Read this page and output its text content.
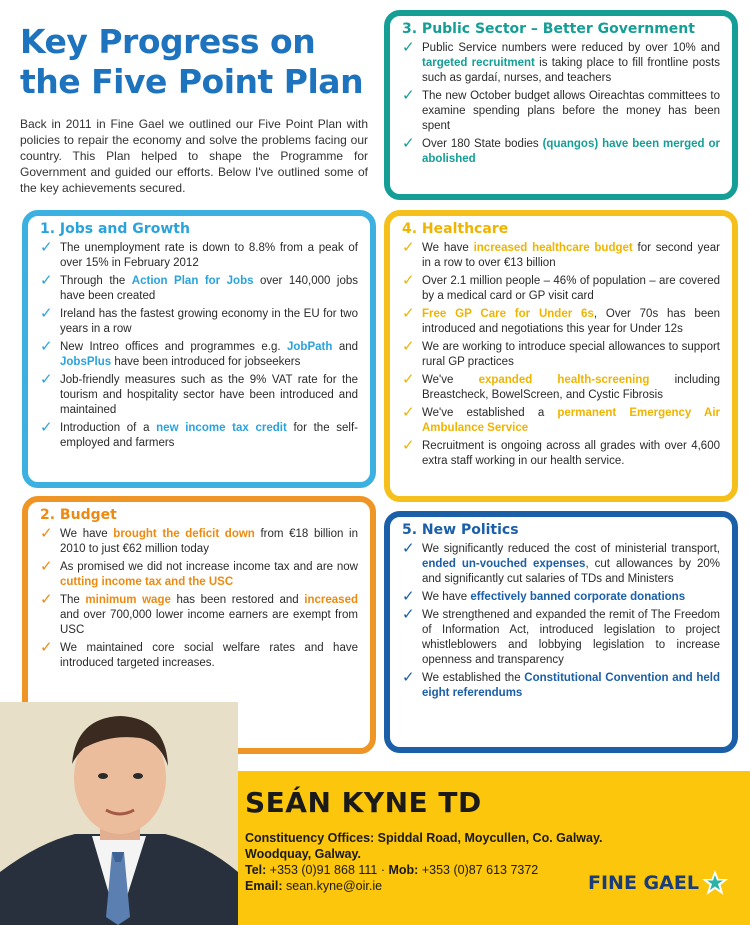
Key Progress on
the Five Point Plan

Back in 2011 in Fine Gael we outlined our Five Point Plan with policies to repair the economy and solve the problems facing our country. This Plan helped to shape the Programme for Government and guided our efforts. Below I've outlined some of the key achievements secured.

3. Public Sector – Better Government
✓ Public Service numbers were reduced by over 10% and targeted recruitment is taking place to fill frontline posts such as gardaí, nurses, and teachers
✓ The new October budget allows Oireachtas committees to examine spending plans before the money has been spent
✓ Over 180 State bodies (quangos) have been merged or abolished
1. Jobs and Growth
✓ The unemployment rate is down to 8.8% from a peak of over 15% in February 2012
✓ Through the Action Plan for Jobs over 140,000 jobs have been created
✓ Ireland has the fastest growing economy in the EU for two years in a row
✓ New Intreo offices and programmes e.g. JobPath and JobsPlus have been introduced for jobseekers
✓ Job-friendly measures such as the 9% VAT rate for the tourism and hospitality sector have been introduced and maintained
✓ Introduction of a new income tax credit for the self-employed and farmers
4. Healthcare
✓ We have increased healthcare budget for second year in a row to over €13 billion
✓ Over 2.1 million people – 46% of population – are covered by a medical card or GP visit card
✓ Free GP Care for Under 6s, Over 70s has been introduced and negotiations this year for Under 12s
✓ We are working to introduce special allowances to support rural GP practices
✓ We've expanded health-screening including Breastcheck, BowelScreen, and Cystic Fibrosis
✓ We've established a permanent Emergency Air Ambulance Service
✓ Recruitment is ongoing across all grades with over 4,600 extra staff working in our health service.
2. Budget
✓ We have brought the deficit down from €18 billion in 2010 to just €62 million today
✓ As promised we did not increase income tax and are now cutting income tax and the USC
✓ The minimum wage has been restored and increased and over 700,000 lower income earners are exempt from USC
✓ We maintained core social welfare rates and have introduced targeted increases.
5. New Politics
✓ We significantly reduced the cost of ministerial transport, ended un-vouched expenses, cut allowances by 20% and significantly cut salaries of TDs and Ministers
✓ We have effectively banned corporate donations
✓ We strengthened and expanded the remit of The Freedom of Information Act, introduced legislation to project whistleblowers and lobbying legislation to increase openness and transparency
✓ We established the Constitutional Convention and held eight referendums
SEÁN KYNE TD
Constituency Offices: Spiddal Road, Moycullen, Co. Galway.
Woodquay, Galway.
Tel: +353 (0)91 868 111 · Mob: +353 (0)87 613 7372
Email: sean.kyne@oir.ie	FINE GAEL
